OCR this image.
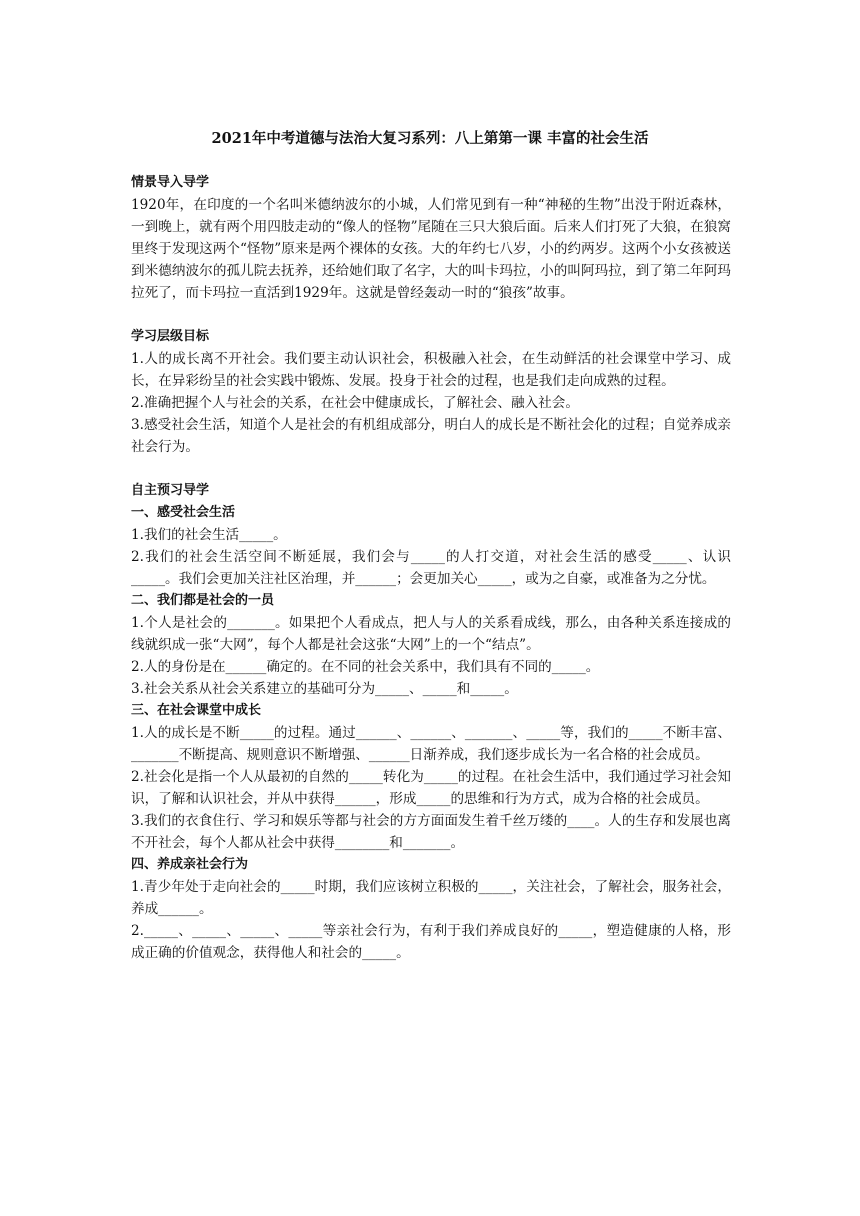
2021年中考道德与法治大复习系列：八上第第一课 丰富的社会生活

情景导入导学

1920年，在印度的一个名叫米德纳波尔的小城，人们常见到有一种“神秘的生物”出没于附近森林，一到晚上，就有两个用四肢走动的“像人的怪物”尾随在三只大狼后面。后来人们打死了大狼，在狼窝里终于发现这两个“怪物”原来是两个裸体的女孩。大的年约七八岁，小的约两岁。这两个小女孩被送到米德纳波尔的孤儿院去抚养，还给她们取了名字，大的叫卡玛拉，小的叫阿玛拉，到了第二年阿玛拉死了，而卡玛拉一直活到1929年。这就是曾经轰动一时的“狼孩”故事。

学习层级目标

1.人的成长离不开社会。我们要主动认识社会，积极融入社会，在生动鲜活的社会课堂中学习、成长，在异彩纷呈的社会实践中锻炼、发展。投身于社会的过程，也是我们走向成熟的过程。

2.准确把握个人与社会的关系，在社会中健康成长，了解社会、融入社会。

3.感受社会生活，知道个人是社会的有机组成部分，明白人的成长是不断社会化的过程；自觉养成亲社会行为。

自主预习导学

一、感受社会生活

1.我们的社会生活_____。

2.我们的社会生活空间不断延展，我们会与_____的人打交道，对社会生活的感受_____、认识_____。我们会更加关注社区治理，并______；会更加关心_____，或为之自豪，或准备为之分忧。

二、我们都是社会的一员

1.个人是社会的_______。如果把个人看成点，把人与人的关系看成线，那么，由各种关系连接成的线就织成一张“大网”，每个人都是社会这张“大网”上的一个“结点”。

2.人的身份是在______确定的。在不同的社会关系中，我们具有不同的_____。

3.社会关系从社会关系建立的基础可分为_____、_____和_____。

三、在社会课堂中成长

1.人的成长是不断_____的过程。通过______、______、_______、_____等，我们的_____不断丰富、_______不断提高、规则意识不断增强、______日渐养成，我们逐步成长为一名合格的社会成员。

2.社会化是指一个人从最初的自然的_____转化为_____的过程。在社会生活中，我们通过学习社会知识，了解和认识社会，并从中获得______，形成_____的思维和行为方式，成为合格的社会成员。

3.我们的衣食住行、学习和娱乐等都与社会的方方面面发生着千丝万缕的____。人的生存和发展也离不开社会，每个人都从社会中获得________和_______。

四、养成亲社会行为

1.青少年处于走向社会的_____时期，我们应该树立积极的_____，关注社会，了解社会，服务社会，养成______。

2._____、_____、_____、_____等亲社会行为，有利于我们养成良好的_____，塑造健康的人格，形成正确的价值观念，获得他人和社会的_____。
